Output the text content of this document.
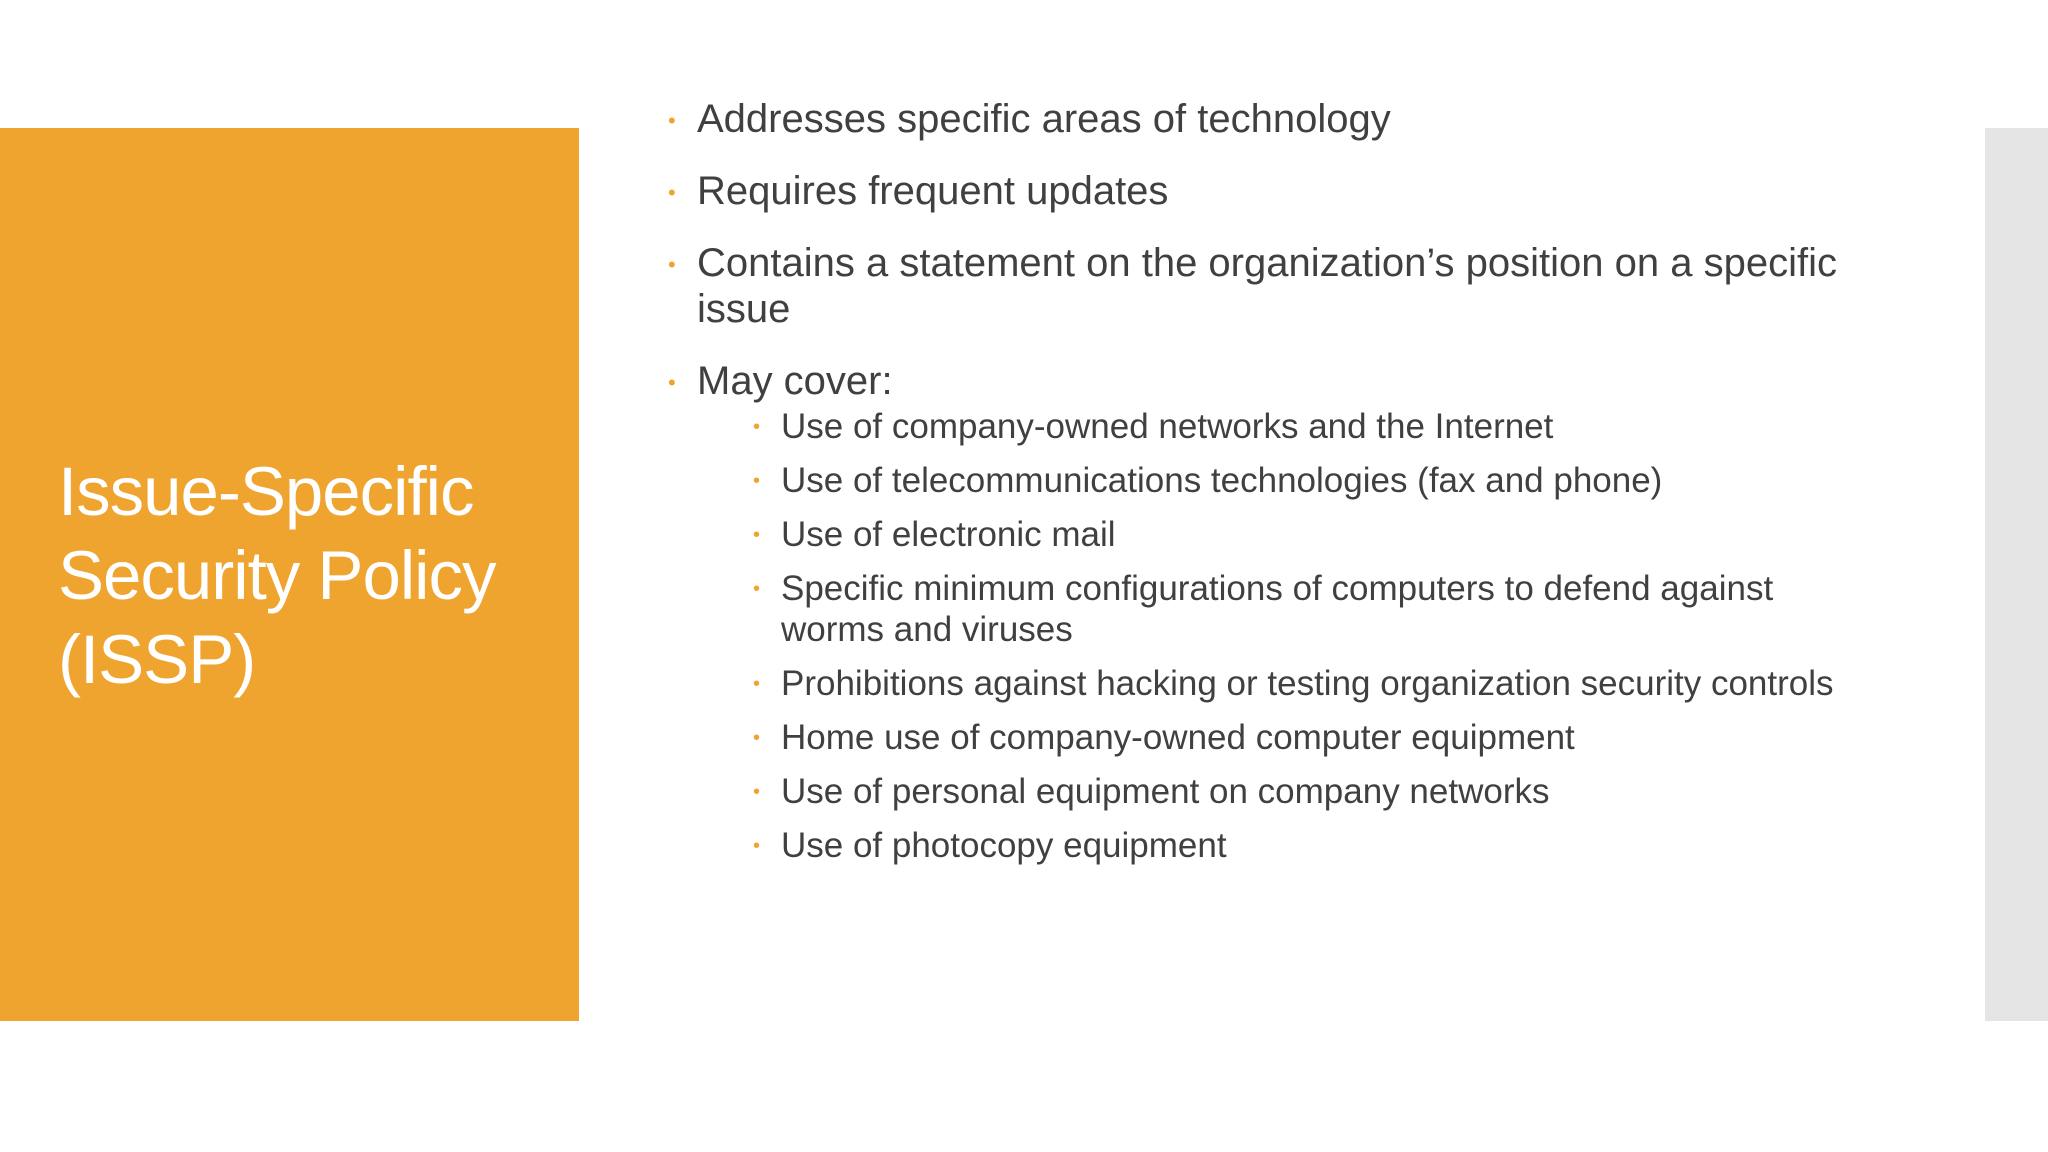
Issue-Specific
Security Policy
(ISSP)
• Addresses specific areas of technology
• Requires frequent updates
• Contains a statement on the organization’s position on a specific issue
• May cover:
• Use of company-owned networks and the Internet
• Use of telecommunications technologies (fax and phone)
• Use of electronic mail
• Specific minimum configurations of computers to defend against worms and viruses
• Prohibitions against hacking or testing organization security controls
• Home use of company-owned computer equipment
• Use of personal equipment on company networks
• Use of photocopy equipment
